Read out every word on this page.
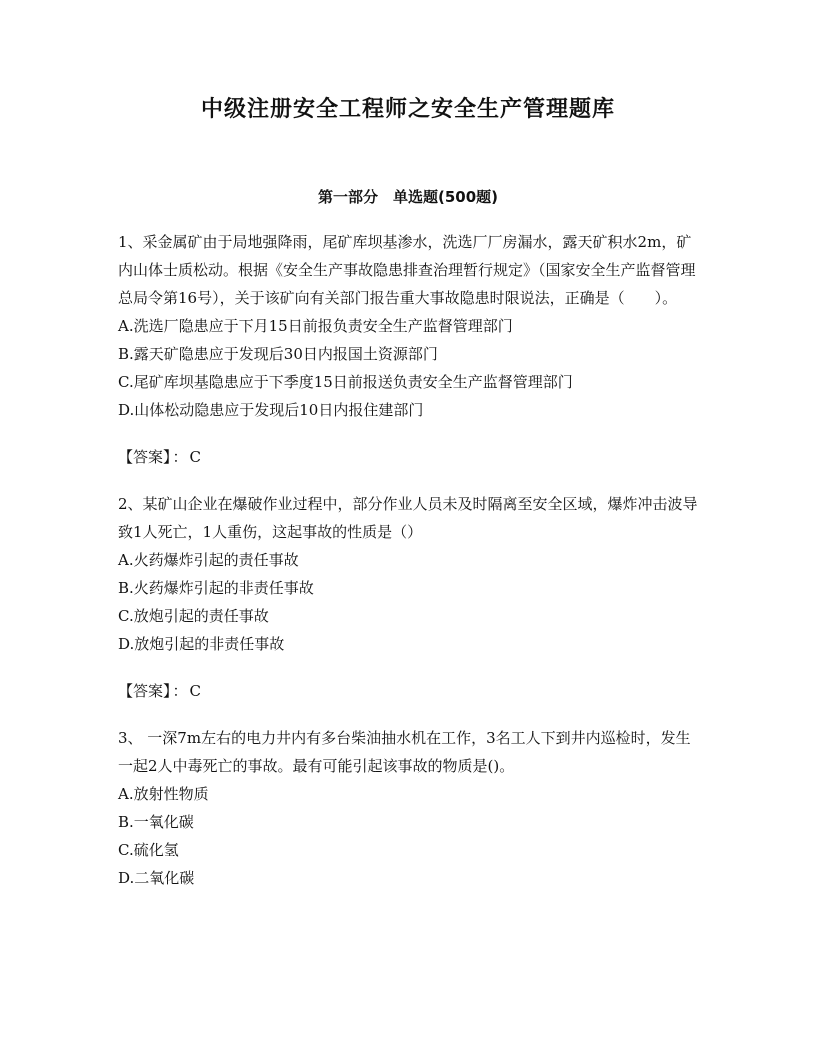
中级注册安全工程师之安全生产管理题库
第一部分　单选题(500题)

1、采金属矿由于局地强降雨，尾矿库坝基渗水，洗选厂厂房漏水，露天矿积水2m，矿内山体士质松动。根据《安全生产事故隐患排查治理暂行规定》（国家安全生产监督管理总局令第16号），关于该矿向有关部门报告重大事故隐患时限说法，正确是（　　）。

A.洗选厂隐患应于下月15日前报负责安全生产监督管理部门

B.露天矿隐患应于发现后30日内报国土资源部门

C.尾矿库坝基隐患应于下季度15日前报送负责安全生产监督管理部门

D.山体松动隐患应于发现后10日内报住建部门

【答案】 ： C

2、某矿山企业在爆破作业过程中，部分作业人员未及时隔离至安全区域，爆炸冲击波导致1人死亡，1人重伤，这起事故的性质是（）

A.火药爆炸引起的责任事故

B.火药爆炸引起的非责任事故

C.放炮引起的责任事故

D.放炮引起的非责任事故

【答案】 ： C

3、 一深7m左右的电力井内有多台柴油抽水机在工作，3名工人下到井内巡检时，发生一起2人中毒死亡的事故。最有可能引起该事故的物质是()。

A.放射性物质

B.一氧化碳

C.硫化氢

D.二氧化碳
